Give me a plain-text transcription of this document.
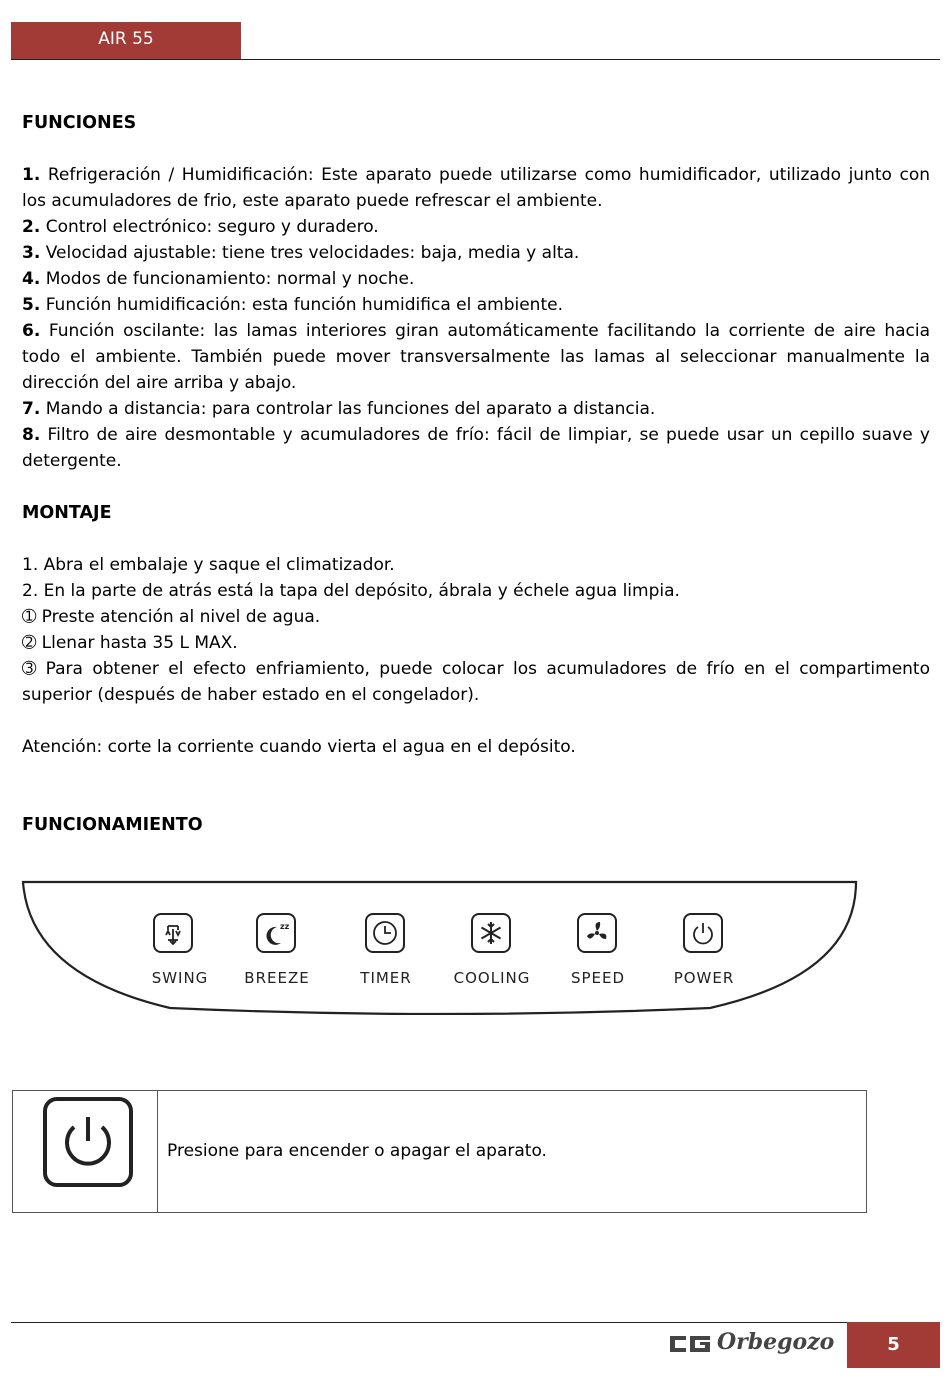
AIR 55

FUNCIONES

1. Refrigeración / Humidificación: Este aparato puede utilizarse como humidificador, utilizado junto con los acumuladores de frio, este aparato puede refrescar el ambiente.

2. Control electrónico: seguro y duradero.

3. Velocidad ajustable: tiene tres velocidades: baja, media y alta.

4. Modos de funcionamiento: normal y noche.

5. Función humidificación: esta función humidifica el ambiente.

6. Función oscilante: las lamas interiores giran automáticamente facilitando la corriente de aire hacia todo el ambiente. También puede mover transversalmente las lamas al seleccionar manualmente la dirección del aire arriba y abajo.

7. Mando a distancia: para controlar las funciones del aparato a distancia.

8. Filtro de aire desmontable y acumuladores de frío: fácil de limpiar, se puede usar un cepillo suave y detergente.

MONTAJE

1. Abra el embalaje y saque el climatizador.

2. En la parte de atrás está la tapa del depósito, ábrala y échele agua limpia.

➀ Preste atención al nivel de agua.

➁ Llenar hasta 35 L MAX.

➂ Para obtener el efecto enfriamiento, puede colocar los acumuladores de frío en el compartimento superior (después de haber estado en el congelador).

Atención: corte la corriente cuando vierta el agua en el depósito.

FUNCIONAMIENTO

SWING
zz
BREEZE	TIMER	COOLING	SPEED	POWER
Presione para encender o apagar el aparato.
Orbegozo	5
